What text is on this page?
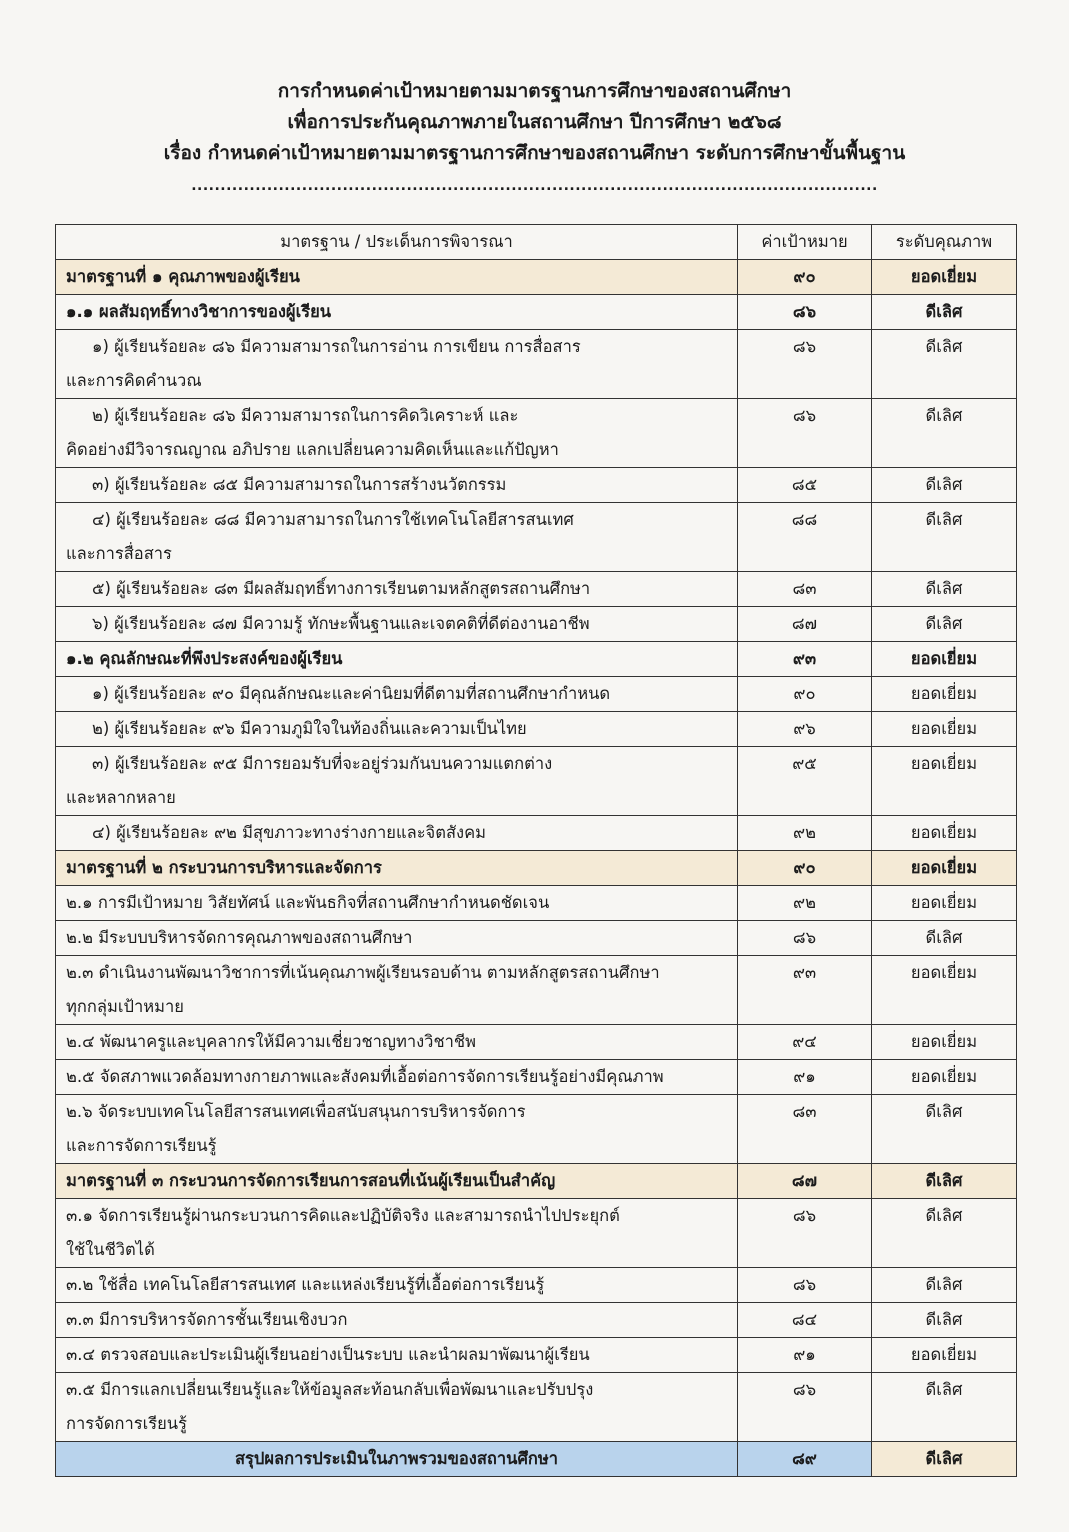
การกำหนดค่าเป้าหมายตามมาตรฐานการศึกษาของสถานศึกษา
เพื่อการประกันคุณภาพภายในสถานศึกษา ปีการศึกษา ๒๕๖๘
เรื่อง กำหนดค่าเป้าหมายตามมาตรฐานการศึกษาของสถานศึกษา ระดับการศึกษาขั้นพื้นฐาน
......................................................................................................................
มาตรฐาน / ประเด็นการพิจารณา	ค่าเป้าหมาย	ระดับคุณภาพ

มาตรฐานที่ ๑ คุณภาพของผู้เรียน	๙๐	ยอดเยี่ยม

๑.๑ ผลสัมฤทธิ์ทางวิชาการของผู้เรียน	๘๖	ดีเลิศ

๑) ผู้เรียนร้อยละ ๘๖ มีความสามารถในการอ่าน การเขียน การสื่อสาร
และการคิดคำนวณ	๘๖	ดีเลิศ

๒) ผู้เรียนร้อยละ ๘๖ มีความสามารถในการคิดวิเคราะห์ และ
คิดอย่างมีวิจารณญาณ อภิปราย แลกเปลี่ยนความคิดเห็นและแก้ปัญหา	๘๖	ดีเลิศ

๓) ผู้เรียนร้อยละ ๘๕ มีความสามารถในการสร้างนวัตกรรม	๘๕	ดีเลิศ

๔) ผู้เรียนร้อยละ ๘๘ มีความสามารถในการใช้เทคโนโลยีสารสนเทศ
และการสื่อสาร	๘๘	ดีเลิศ

๕) ผู้เรียนร้อยละ ๘๓ มีผลสัมฤทธิ์ทางการเรียนตามหลักสูตรสถานศึกษา	๘๓	ดีเลิศ

๖) ผู้เรียนร้อยละ ๘๗ มีความรู้ ทักษะพื้นฐานและเจตคติที่ดีต่องานอาชีพ	๘๗	ดีเลิศ

๑.๒ คุณลักษณะที่พึงประสงค์ของผู้เรียน	๙๓	ยอดเยี่ยม

๑) ผู้เรียนร้อยละ ๙๐ มีคุณลักษณะและค่านิยมที่ดีตามที่สถานศึกษากำหนด	๙๐	ยอดเยี่ยม

๒) ผู้เรียนร้อยละ ๙๖ มีความภูมิใจในท้องถิ่นและความเป็นไทย	๙๖	ยอดเยี่ยม

๓) ผู้เรียนร้อยละ ๙๕ มีการยอมรับที่จะอยู่ร่วมกันบนความแตกต่าง
และหลากหลาย	๙๕	ยอดเยี่ยม

๔) ผู้เรียนร้อยละ ๙๒ มีสุขภาวะทางร่างกายและจิตสังคม	๙๒	ยอดเยี่ยม

มาตรฐานที่ ๒ กระบวนการบริหารและจัดการ	๙๐	ยอดเยี่ยม

๒.๑ การมีเป้าหมาย วิสัยทัศน์ และพันธกิจที่สถานศึกษากำหนดชัดเจน	๙๒	ยอดเยี่ยม

๒.๒ มีระบบบริหารจัดการคุณภาพของสถานศึกษา	๘๖	ดีเลิศ

๒.๓ ดำเนินงานพัฒนาวิชาการที่เน้นคุณภาพผู้เรียนรอบด้าน ตามหลักสูตรสถานศึกษา
ทุกกลุ่มเป้าหมาย	๙๓	ยอดเยี่ยม

๒.๔ พัฒนาครูและบุคลากรให้มีความเชี่ยวชาญทางวิชาชีพ	๙๔	ยอดเยี่ยม

๒.๕ จัดสภาพแวดล้อมทางกายภาพและสังคมที่เอื้อต่อการจัดการเรียนรู้อย่างมีคุณภาพ	๙๑	ยอดเยี่ยม

๒.๖ จัดระบบเทคโนโลยีสารสนเทศเพื่อสนับสนุนการบริหารจัดการ
และการจัดการเรียนรู้	๘๓	ดีเลิศ

มาตรฐานที่ ๓ กระบวนการจัดการเรียนการสอนที่เน้นผู้เรียนเป็นสำคัญ	๘๗	ดีเลิศ

๓.๑ จัดการเรียนรู้ผ่านกระบวนการคิดและปฏิบัติจริง และสามารถนำไปประยุกต์
ใช้ในชีวิตได้	๘๖	ดีเลิศ

๓.๒ ใช้สื่อ เทคโนโลยีสารสนเทศ และแหล่งเรียนรู้ที่เอื้อต่อการเรียนรู้	๘๖	ดีเลิศ

๓.๓ มีการบริหารจัดการชั้นเรียนเชิงบวก	๘๔	ดีเลิศ

๓.๔ ตรวจสอบและประเมินผู้เรียนอย่างเป็นระบบ และนำผลมาพัฒนาผู้เรียน	๙๑	ยอดเยี่ยม

๓.๕ มีการแลกเปลี่ยนเรียนรู้และให้ข้อมูลสะท้อนกลับเพื่อพัฒนาและปรับปรุง
การจัดการเรียนรู้	๘๖	ดีเลิศ

สรุปผลการประเมินในภาพรวมของสถานศึกษา	๘๙	ดีเลิศ
